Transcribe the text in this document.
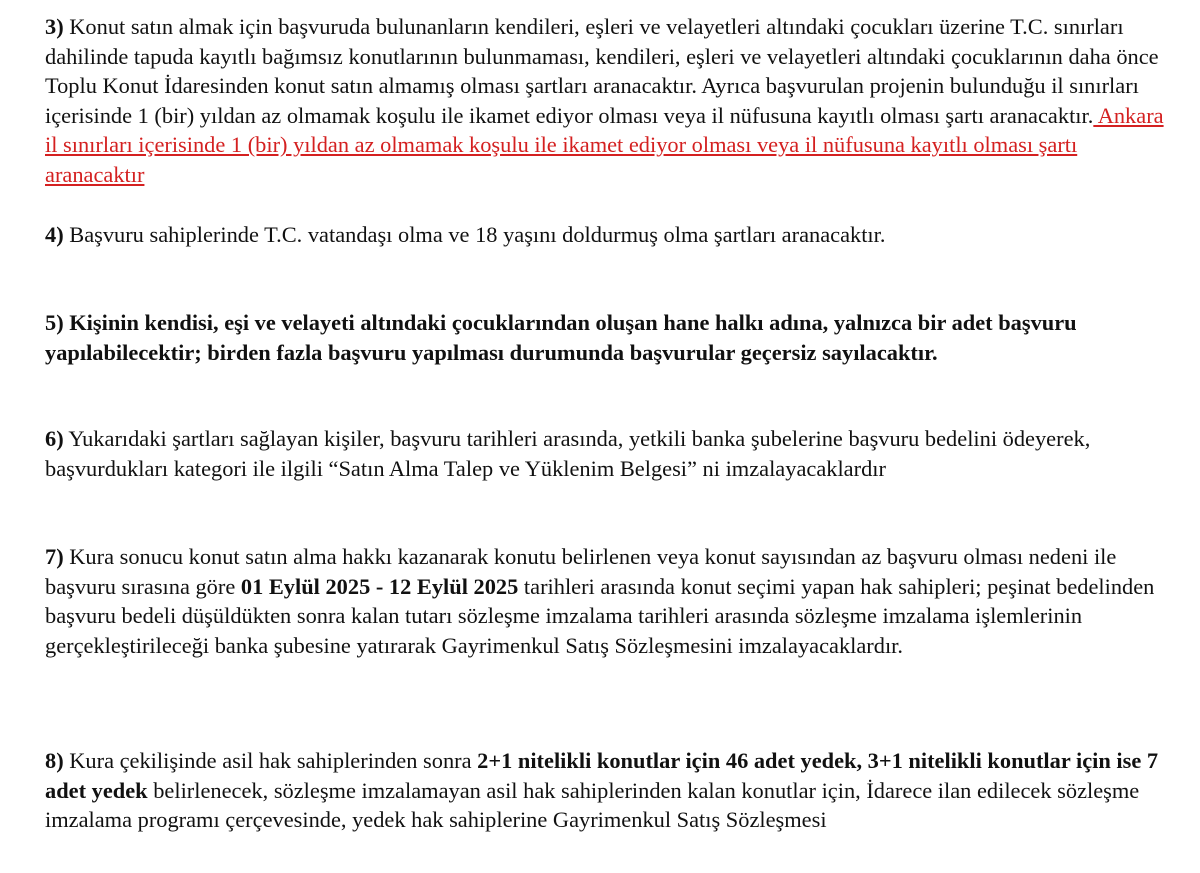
3) Konut satın almak için başvuruda bulunanların kendileri, eşleri ve velayetleri altındaki çocukları üzerine T.C. sınırları dahilinde tapuda kayıtlı bağımsız konutlarının bulunmaması, kendileri, eşleri ve velayetleri altındaki çocuklarının daha önce Toplu Konut İdaresinden konut satın almamış olması şartları aranacaktır. Ayrıca başvurulan projenin bulunduğu il sınırları içerisinde 1 (bir) yıldan az olmamak koşulu ile ikamet ediyor olması veya il nüfusuna kayıtlı olması şartı aranacaktır. Ankara il sınırları içerisinde 1 (bir) yıldan az olmamak koşulu ile ikamet ediyor olması veya il nüfusuna kayıtlı olması şartı aranacaktır

4) Başvuru sahiplerinde T.C. vatandaşı olma ve 18 yaşını doldurmuş olma şartları aranacaktır.

5) Kişinin kendisi, eşi ve velayeti altındaki çocuklarından oluşan hane halkı adına, yalnızca bir adet başvuru yapılabilecektir; birden fazla başvuru yapılması durumunda başvurular geçersiz sayılacaktır.

6) Yukarıdaki şartları sağlayan kişiler, başvuru tarihleri arasında, yetkili banka şubelerine başvuru bedelini ödeyerek, başvurdukları kategori ile ilgili “Satın Alma Talep ve Yüklenim Belgesi” ni imzalayacaklardır

7) Kura sonucu konut satın alma hakkı kazanarak konutu belirlenen veya konut sayısından az başvuru olması nedeni ile başvuru sırasına göre 01 Eylül 2025 - 12 Eylül 2025 tarihleri arasında konut seçimi yapan hak sahipleri; peşinat bedelinden başvuru bedeli düşüldükten sonra kalan tutarı sözleşme imzalama tarihleri arasında sözleşme imzalama işlemlerinin gerçekleştirileceği banka şubesine yatırarak Gayrimenkul Satış Sözleşmesini imzalayacaklardır.

8) Kura çekilişinde asil hak sahiplerinden sonra 2+1 nitelikli konutlar için 46 adet yedek, 3+1 nitelikli konutlar için ise 7 adet yedek belirlenecek, sözleşme imzalamayan asil hak sahiplerinden kalan konutlar için, İdarece ilan edilecek sözleşme imzalama programı çerçevesinde, yedek hak sahiplerine Gayrimenkul Satış Sözleşmesi
